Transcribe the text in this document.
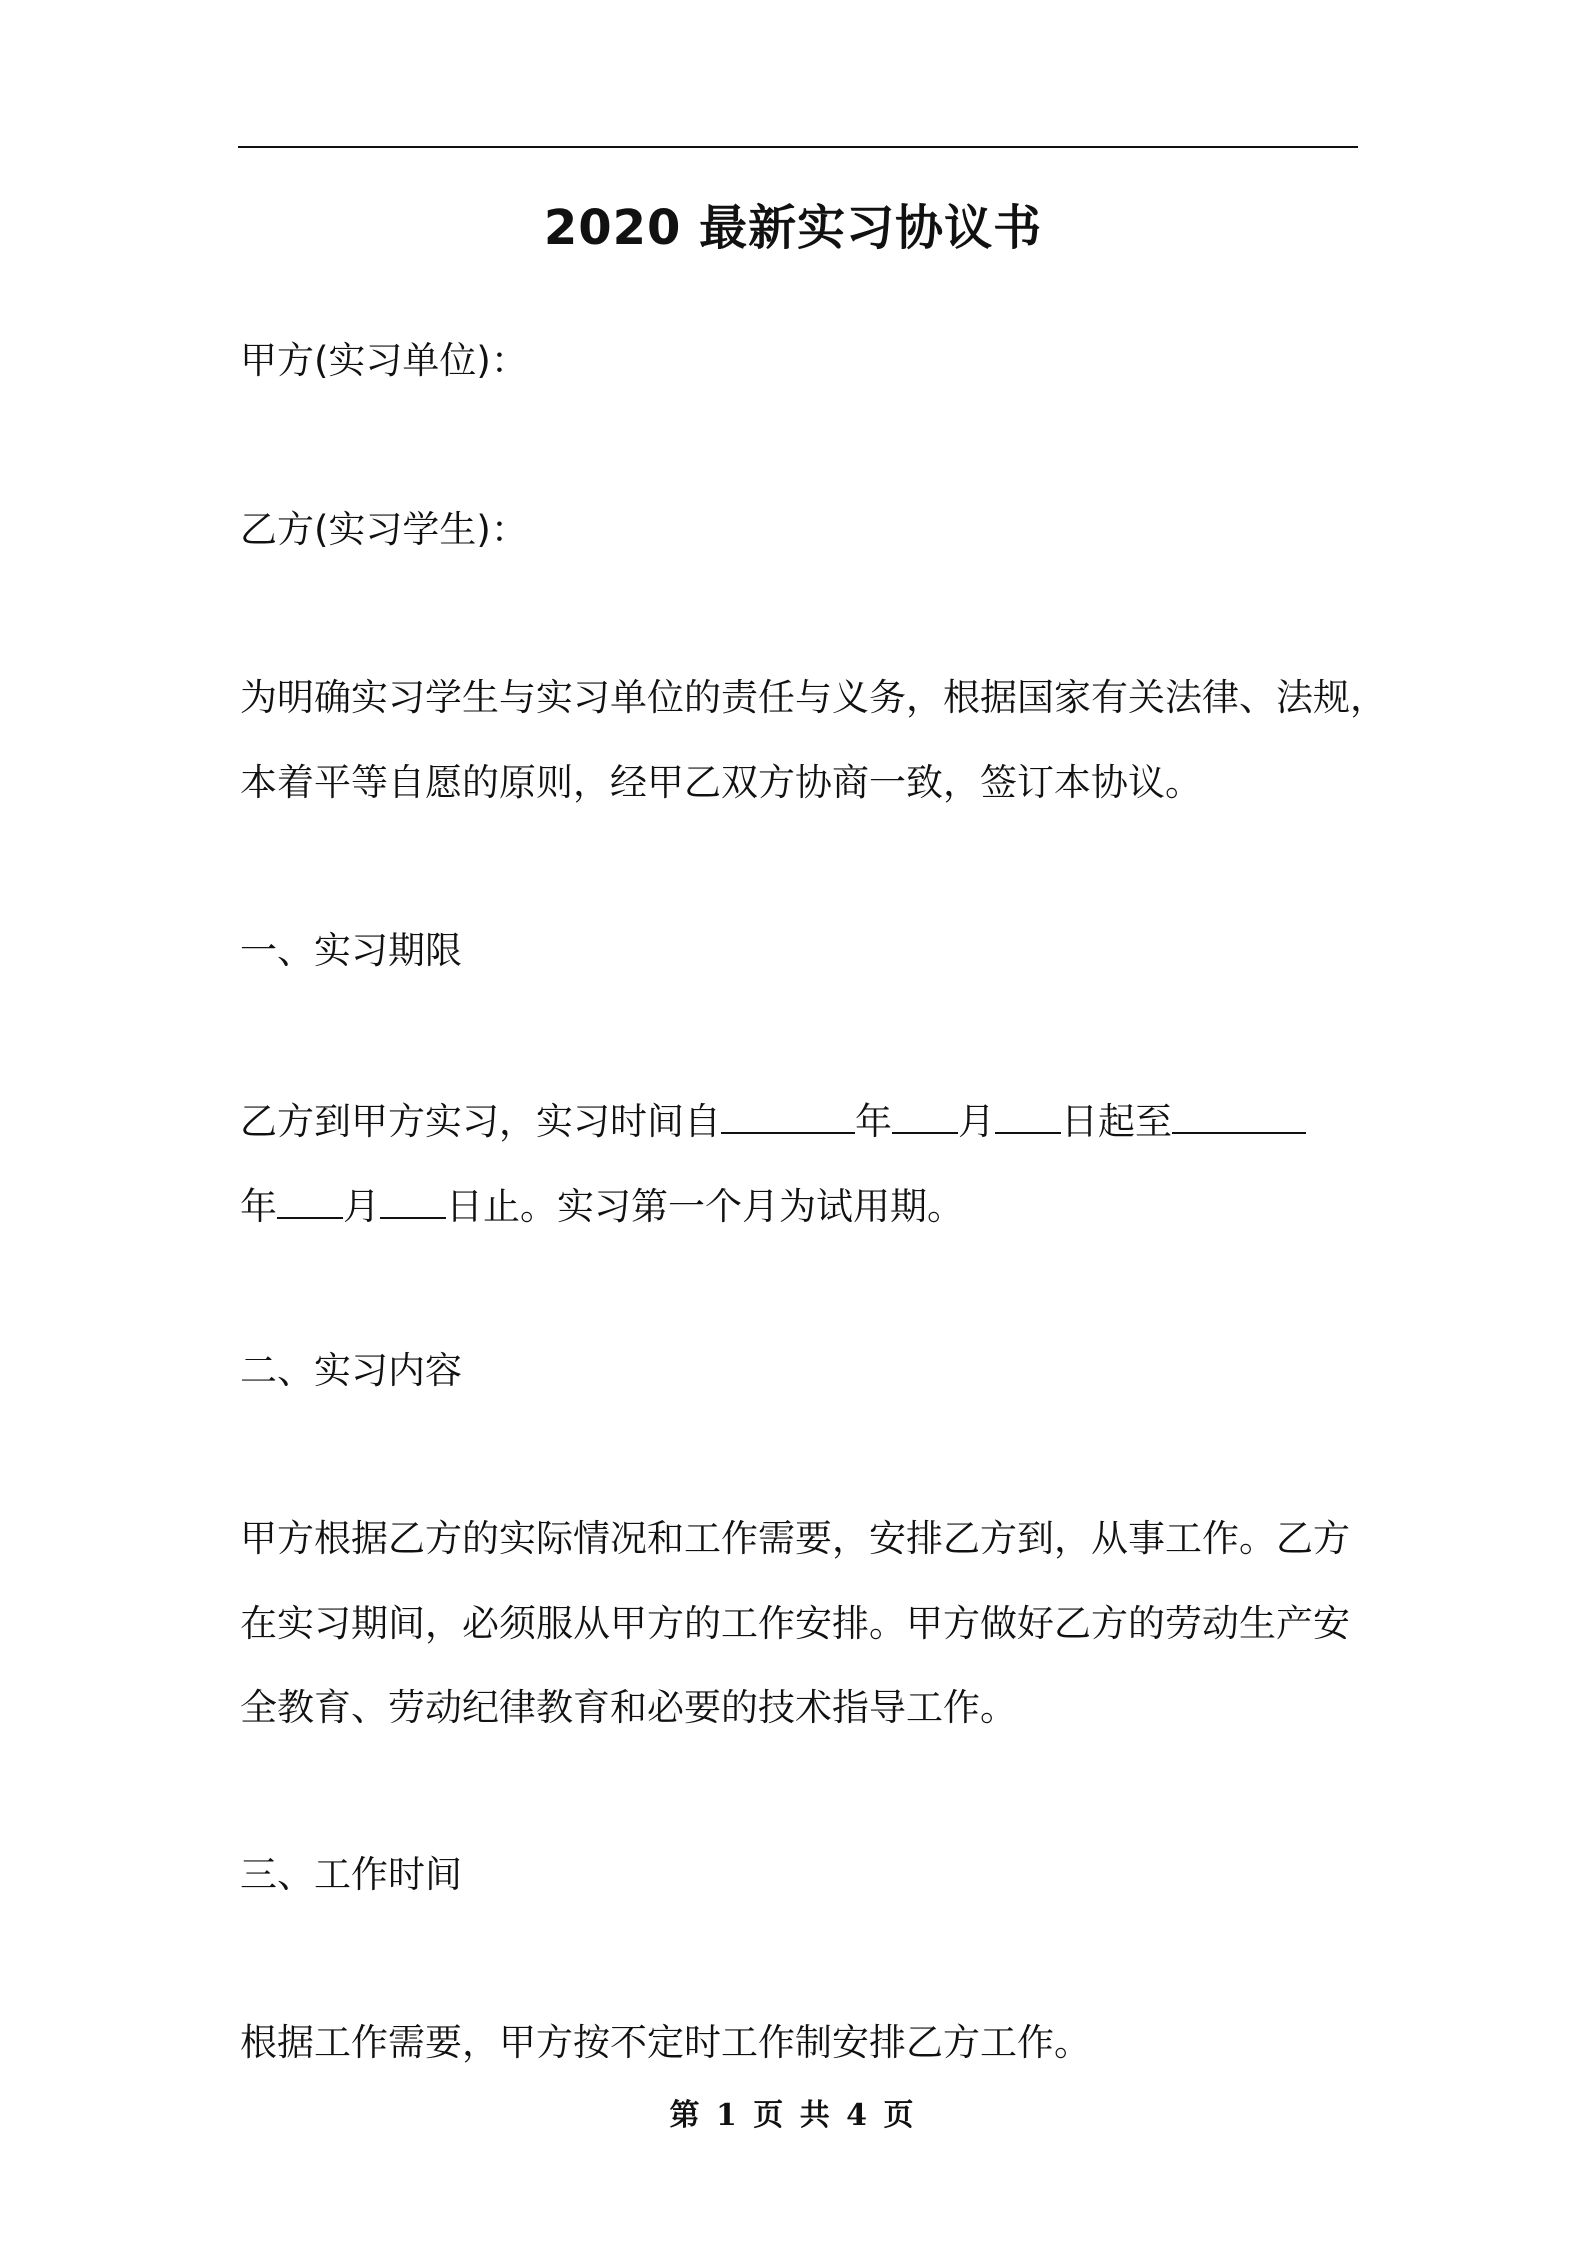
2020 最新实习协议书
甲方(实习单位)：
乙方(实习学生)：
为明确实习学生与实习单位的责任与义务，根据国家有关法律、法规，
本着平等自愿的原则，经甲乙双方协商一致，签订本协议。
一、实习期限
乙方到甲方实习，实习时间自	年 月 日起至
年 月 日止。实习第一个月为试用期。
二、实习内容
甲方根据乙方的实际情况和工作需要，安排乙方到，从事工作。乙方
在实习期间，必须服从甲方的工作安排。甲方做好乙方的劳动生产安
全教育、劳动纪律教育和必要的技术指导工作。
三、工作时间
根据工作需要，甲方按不定时工作制安排乙方工作。
第 1 页 共 4 页
